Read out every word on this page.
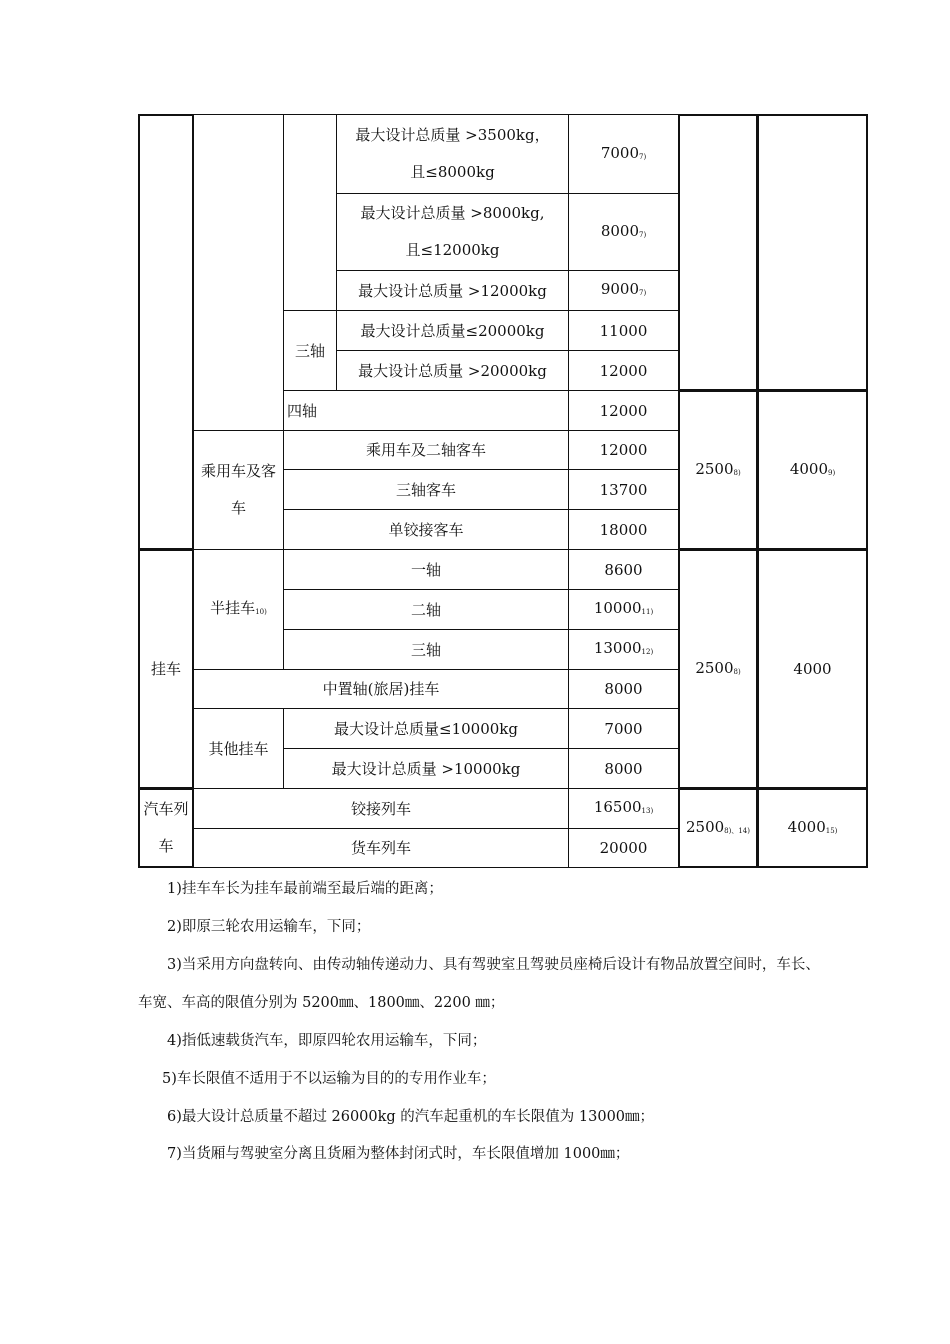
挂车
汽车列
车
乘用车及客
车
半挂车10)
中置轴(旅居)挂车
其他挂车
铰接列车
货车列车
三轴
四轴
乘用车及二轴客车
三轴客车
单铰接客车
一轴
二轴
三轴
最大设计总质量≤10000kg
最大设计总质量 >10000kg
最大设计总质量 >3500kg，
且≤8000kg
最大设计总质量 >8000kg,
且≤12000kg
最大设计总质量 >12000kg
最大设计总质量≤20000kg
最大设计总质量 >20000kg
70007)
80007)
90007)
11000
12000
12000
12000
13700
18000
8600
1000011)
1300012)
8000
7000
8000
1650013)
20000
25008)
25008)
25008)、14)
40009)
4000
400015)
1)挂车车长为挂车最前端至最后端的距离；
2)即原三轮农用运输车，下同；
3)当采用方向盘转向、由传动轴传递动力、具有驾驶室且驾驶员座椅后设计有物品放置空间时，车长、
车宽、车高的限值分别为 5200㎜、1800㎜、2200 ㎜；
4)指低速载货汽车，即原四轮农用运输车，下同；
5)车长限值不适用于不以运输为目的的专用作业车；
6)最大设计总质量不超过 26000kg 的汽车起重机的车长限值为 13000㎜；
7)当货厢与驾驶室分离且货厢为整体封闭式时，车长限值增加 1000㎜；
